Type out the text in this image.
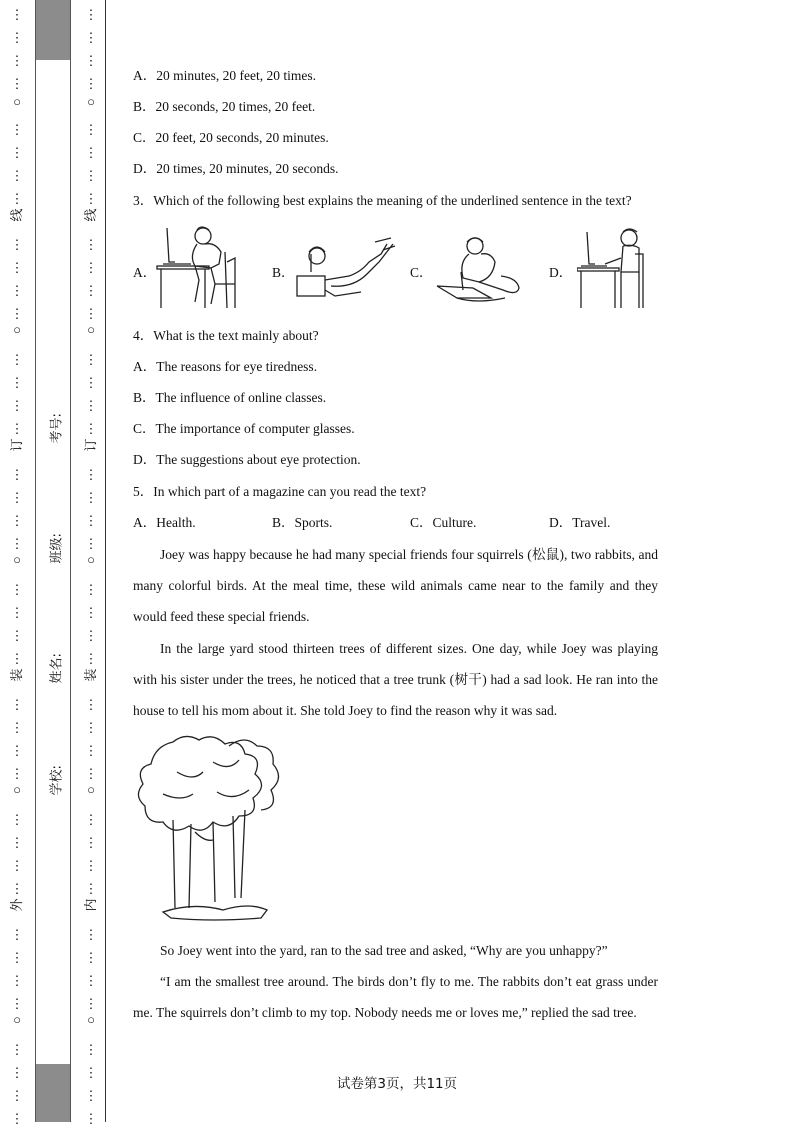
⋮
⋮
⋮
⋮
⋮
⋮
⋮
⋮
⋮
⋮
⋮
⋮
⋮
⋮
⋮
⋮
⋮
⋮
⋮
⋮
⋮
⋮
⋮
⋮
⋮
⋮
⋮
⋮
⋮
⋮
⋮
⋮
⋮
⋮
⋮
⋮
⋮
⋮
⋮
⋮
○
○
○
○
○
线
订
装
外
⋮
⋮
⋮
⋮
⋮
⋮
⋮
⋮
⋮
⋮
⋮
⋮
⋮
⋮
⋮
⋮
⋮
⋮
⋮
⋮
⋮
⋮
⋮
⋮
⋮
⋮
⋮
⋮
⋮
⋮
⋮
⋮
⋮
⋮
⋮
⋮
⋮
⋮
⋮
⋮
○
○
○
○
○
线
订
装
内
考号:
班级:
姓名:
学校:
A．20 minutes, 20 feet, 20 times.
B．20 seconds, 20 times, 20 feet.
C．20 feet, 20 seconds, 20 minutes.
D．20 times, 20 minutes, 20 seconds.
3．Which of the following best explains the meaning of the underlined sentence in the text?
A．	B．	C．	D．
4．What is the text mainly about?
A．The reasons for eye tiredness.
B．The influence of online classes.
C．The importance of computer glasses.
D．The suggestions about eye protection.
5．In which part of a magazine can you read the text?
A．Health.	B．Sports.	C．Culture.	D．Travel.
Joey was happy because he had many special friends four squirrels (松鼠), two rabbits, and many colorful birds. At the meal time, these wild animals came near to the family and they would feed these special friends.
In the large yard stood thirteen trees of different sizes. One day, while Joey was playing with his sister under the trees, he noticed that a tree trunk (树干) had a sad look. He ran into the house to tell his mom about it. She told Joey to find the reason why it was sad.
So Joey went into the yard, ran to the sad tree and asked, “Why are you unhappy?”
“I am the smallest tree around. The birds don’t fly to me. The rabbits don’t eat grass under me. The squirrels don’t climb to my top. Nobody needs me or loves me,” replied the sad tree.
试卷第3页，共11页
